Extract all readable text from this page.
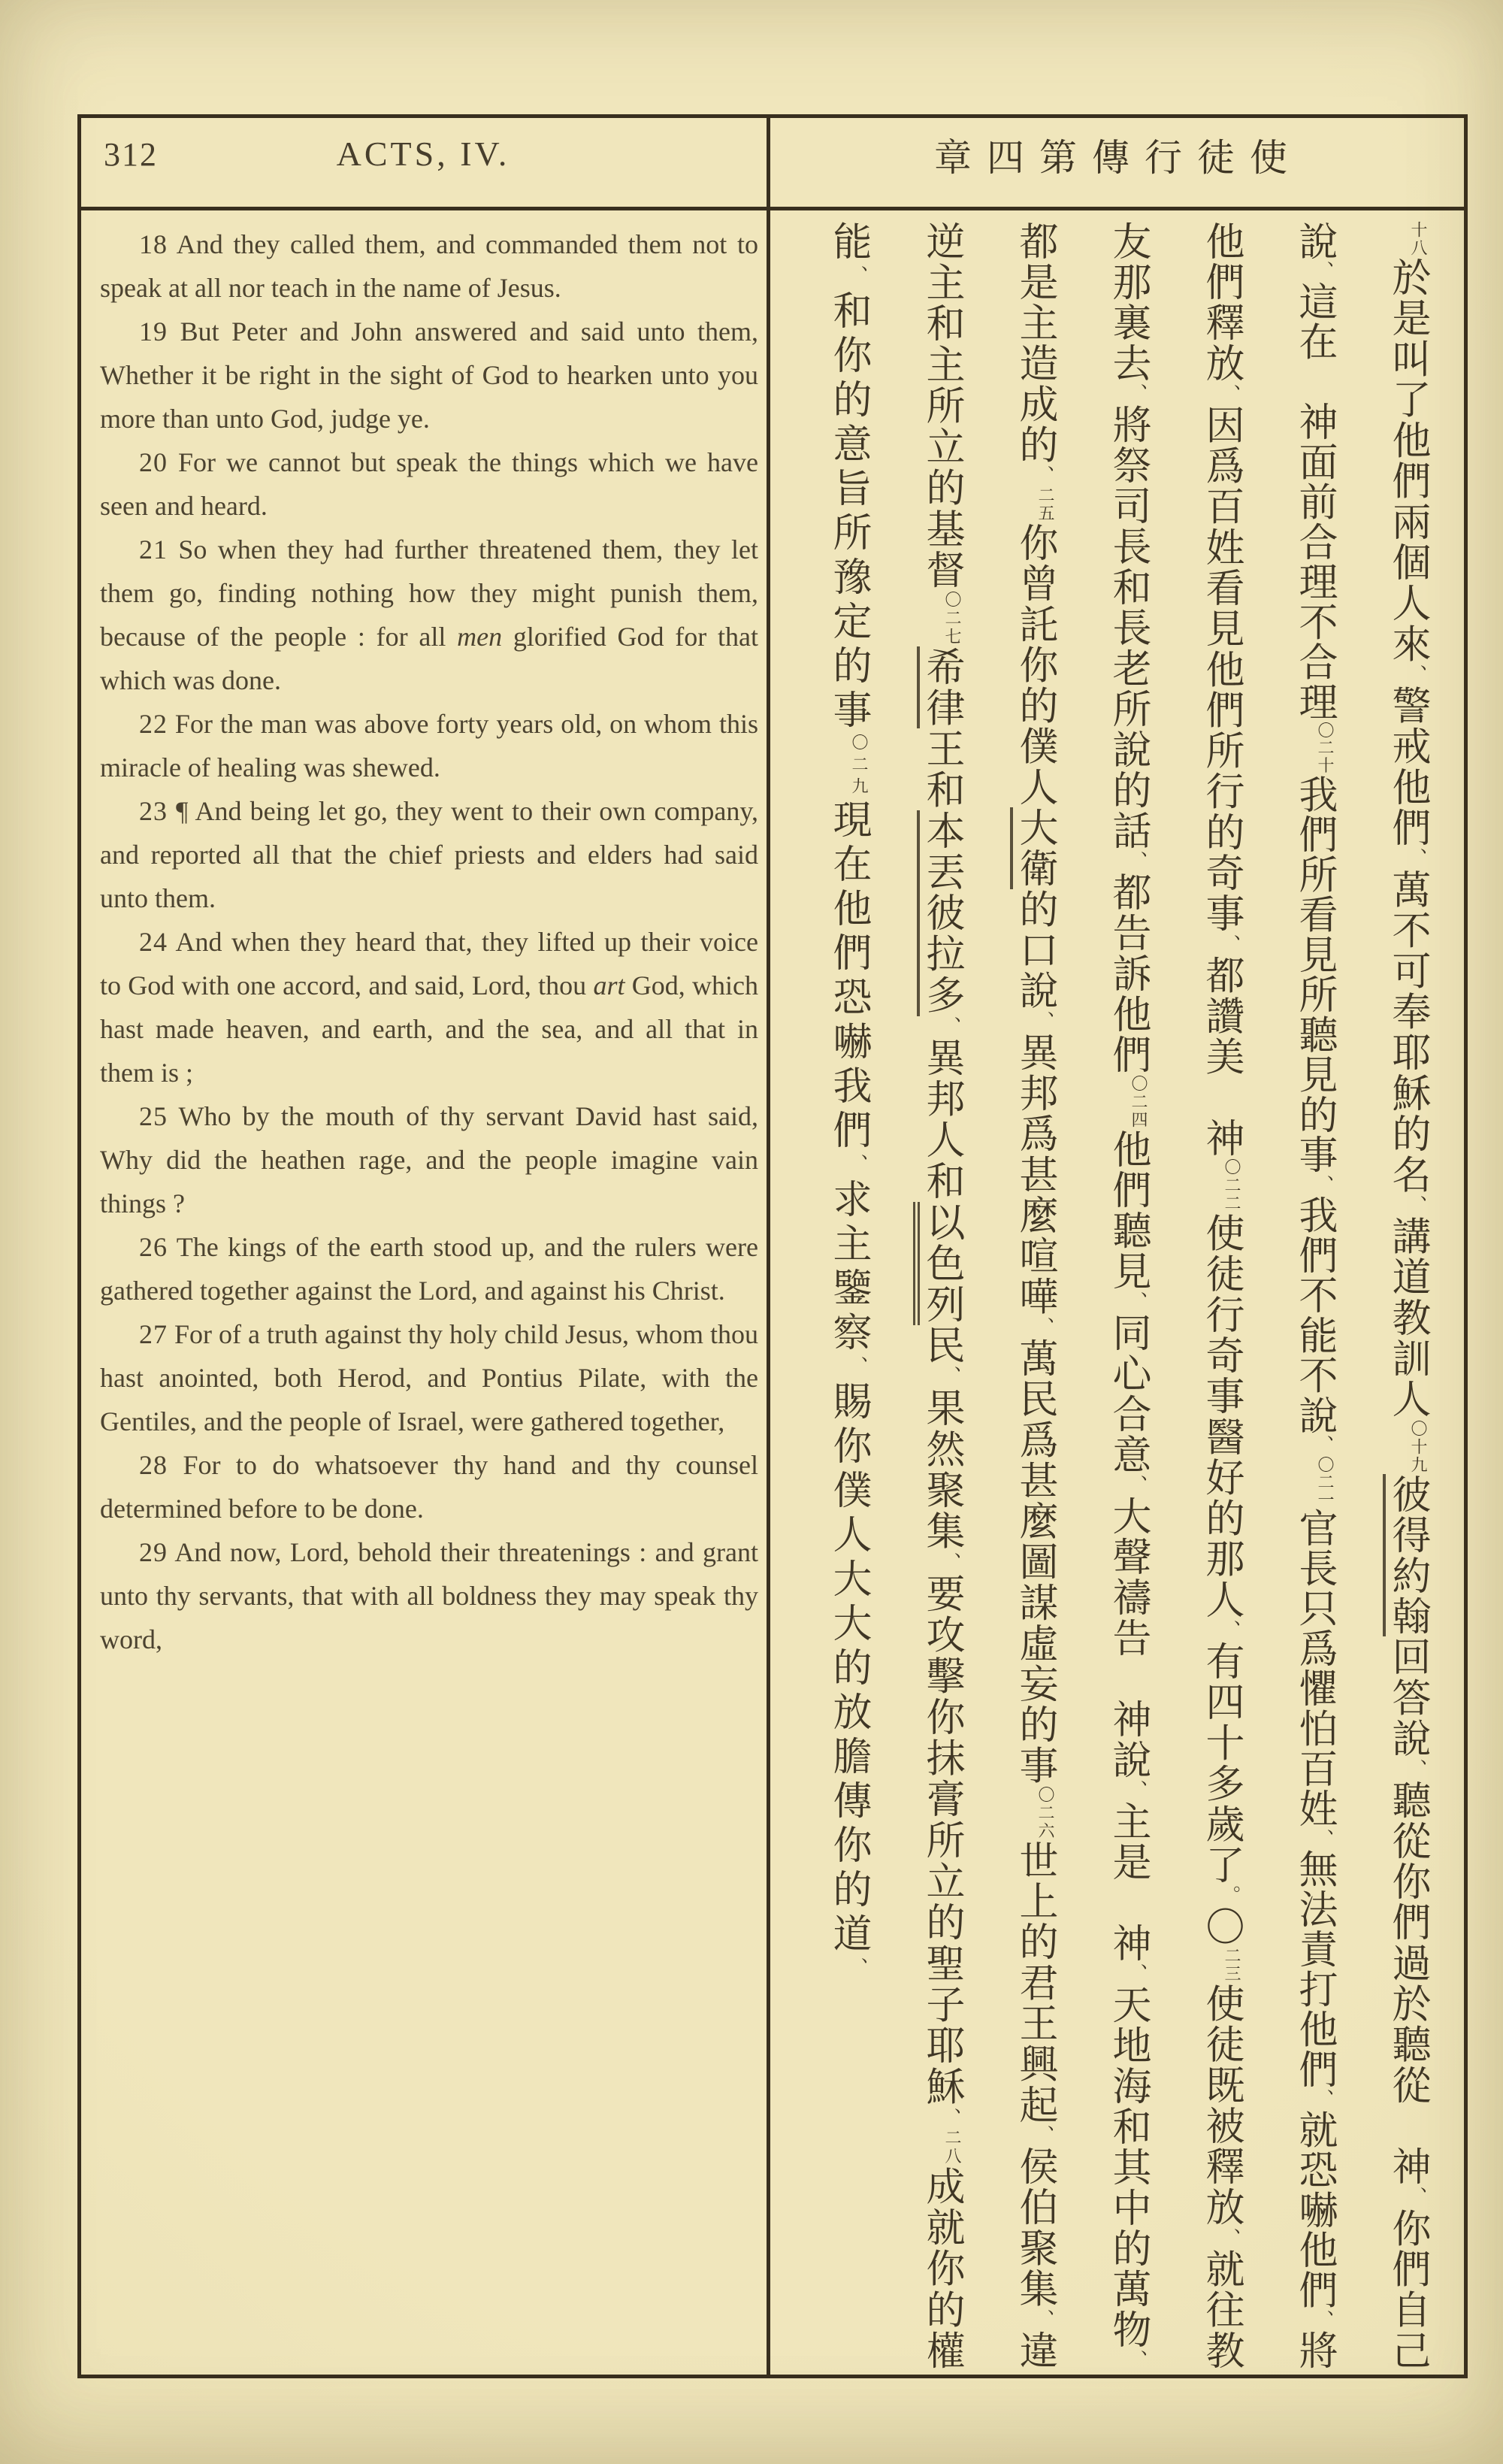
312	ACTS, IV.	章四第傳行徒使

18 And they called them, and commanded them not to speak at all nor teach in the name of Jesus.

19 But Peter and John answered and said unto them, Whether it be right in the sight of God to hearken unto you more than unto God, judge ye.

20 For we cannot but speak the things which we have seen and heard.

21 So when they had further threatened them, they let them go, finding nothing how they might punish them, because of the people : for all men glorified God for that which was done.

22 For the man was above forty years old, on whom this miracle of healing was shewed.

23 ¶ And being let go, they went to their own company, and reported all that the chief priests and elders had said unto them.

24 And when they heard that, they lifted up their voice to God with one accord, and said, Lord, thou art God, which hast made heaven, and earth, and the sea, and all that in them is ;

25 Who by the mouth of thy servant David hast said, Why did the heathen rage, and the people imagine vain things ?

26 The kings of the earth stood up, and the rulers were gathered together against the Lord, and against his Christ.

27 For of a truth against thy holy child Jesus, whom thou hast anointed, both Herod, and Pontius Pilate, with the Gentiles, and the people of Israel, were gathered together,

28 For to do whatsoever thy hand and thy counsel determined before to be done.

29 And now, Lord, behold their threatenings : and grant unto thy servants, that with all boldness they may speak thy word,

十八於是叫了他們兩個人來、警戒他們、萬不可奉耶穌的名、講道教訓人〇十九彼得約翰回答說、聽從你們過於聽從　神、你們自己
說、這在　神面前合理不合理〇二十我們所看見所聽見的事、我們不能不說、〇二一官長只爲懼怕百姓、無法責打他們、就恐嚇他們、將
他們釋放、因爲百姓看見他們所行的奇事、都讚美　神〇二二使徒行奇事醫好的那人、有四十多歲了。〇二三使徒既被釋放、就往教
友那裏去、將祭司長和長老所說的話、都告訴他們〇二四他們聽見、同心合意、大聲禱告　神說、主是　神、天地海和其中的萬物、
都是主造成的、二五你曾託你的僕人大衛的口說、異邦爲甚麼喧嘩、萬民爲甚麼圖謀虛妄的事〇二六世上的君王興起、侯伯聚集、違
逆主和主所立的基督〇二七希律王和本丟彼拉多、異邦人和以色列民、果然聚集、要攻擊你抹膏所立的聖子耶穌、二八成就你的權
能、和你的意旨所豫定的事〇二九現在他們恐嚇我們、求主鑒察、賜你僕人大大的放膽傳你的道、
